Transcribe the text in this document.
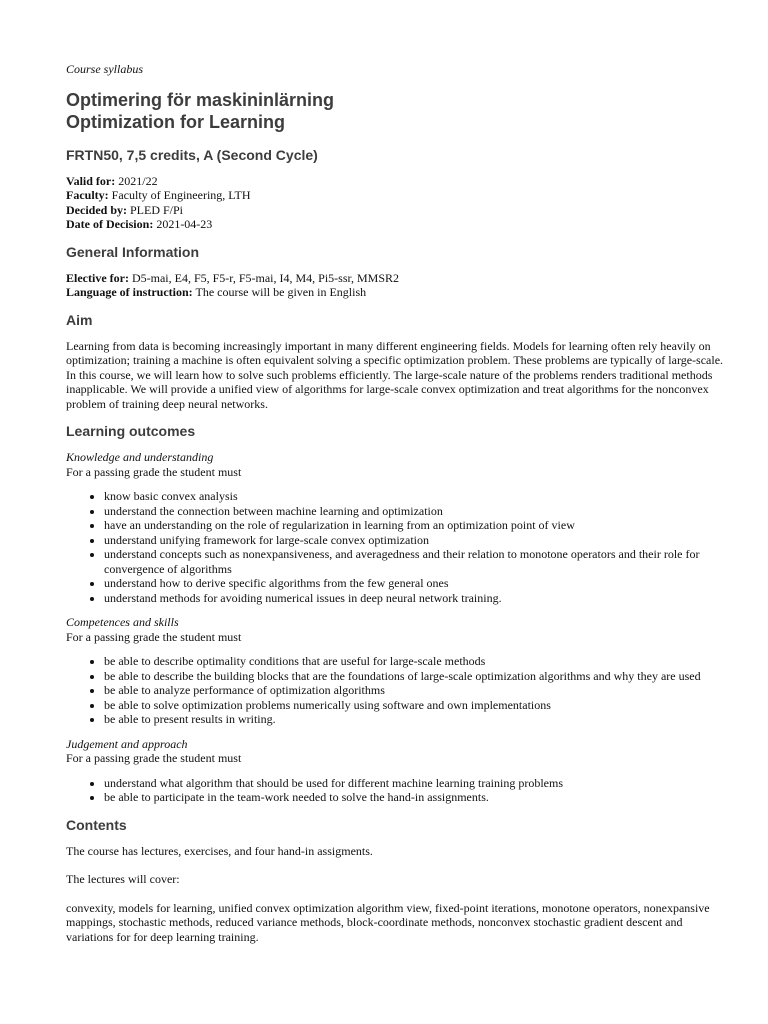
Course syllabus

Optimering för maskininlärning
Optimization for Learning
FRTN50, 7,5 credits, A (Second Cycle)

Valid for: 2021/22

Faculty: Faculty of Engineering, LTH

Decided by: PLED F/Pi

Date of Decision: 2021-04-23

General Information

Elective for: D5-mai, E4, F5, F5-r, F5-mai, I4, M4, Pi5-ssr, MMSR2

Language of instruction: The course will be given in English

Aim

Learning from data is becoming increasingly important in many different engineering fields. Models for learning often rely heavily on optimization; training a machine is often equivalent solving a specific optimization problem. These problems are typically of large-scale. In this course, we will learn how to solve such problems efficiently. The large-scale nature of the problems renders traditional methods inapplicable. We will provide a unified view of algorithms for large-scale convex optimization and treat algorithms for the nonconvex problem of training deep neural networks.

Learning outcomes

Knowledge and understanding

For a passing grade the student must

• know basic convex analysis
• understand the connection between machine learning and optimization
• have an understanding on the role of regularization in learning from an optimization point of view
• understand unifying framework for large-scale convex optimization
• understand concepts such as nonexpansiveness, and averagedness and their relation to monotone operators and their role for convergence of algorithms
• understand how to derive specific algorithms from the few general ones
• understand methods for avoiding numerical issues in deep neural network training.

Competences and skills

For a passing grade the student must

• be able to describe optimality conditions that are useful for large-scale methods
• be able to describe the building blocks that are the foundations of large-scale optimization algorithms and why they are used
• be able to analyze performance of optimization algorithms
• be able to solve optimization problems numerically using software and own implementations
• be able to present results in writing.

Judgement and approach

For a passing grade the student must

• understand what algorithm that should be used for different machine learning training problems
• be able to participate in the team-work needed to solve the hand-in assignments.
Contents

The course has lectures, exercises, and four hand-in assigments.

The lectures will cover:

convexity, models for learning, unified convex optimization algorithm view, fixed-point iterations, monotone operators, nonexpansive mappings, stochastic methods, reduced variance methods, block-coordinate methods, nonconvex stochastic gradient descent and variations for for deep learning training.
